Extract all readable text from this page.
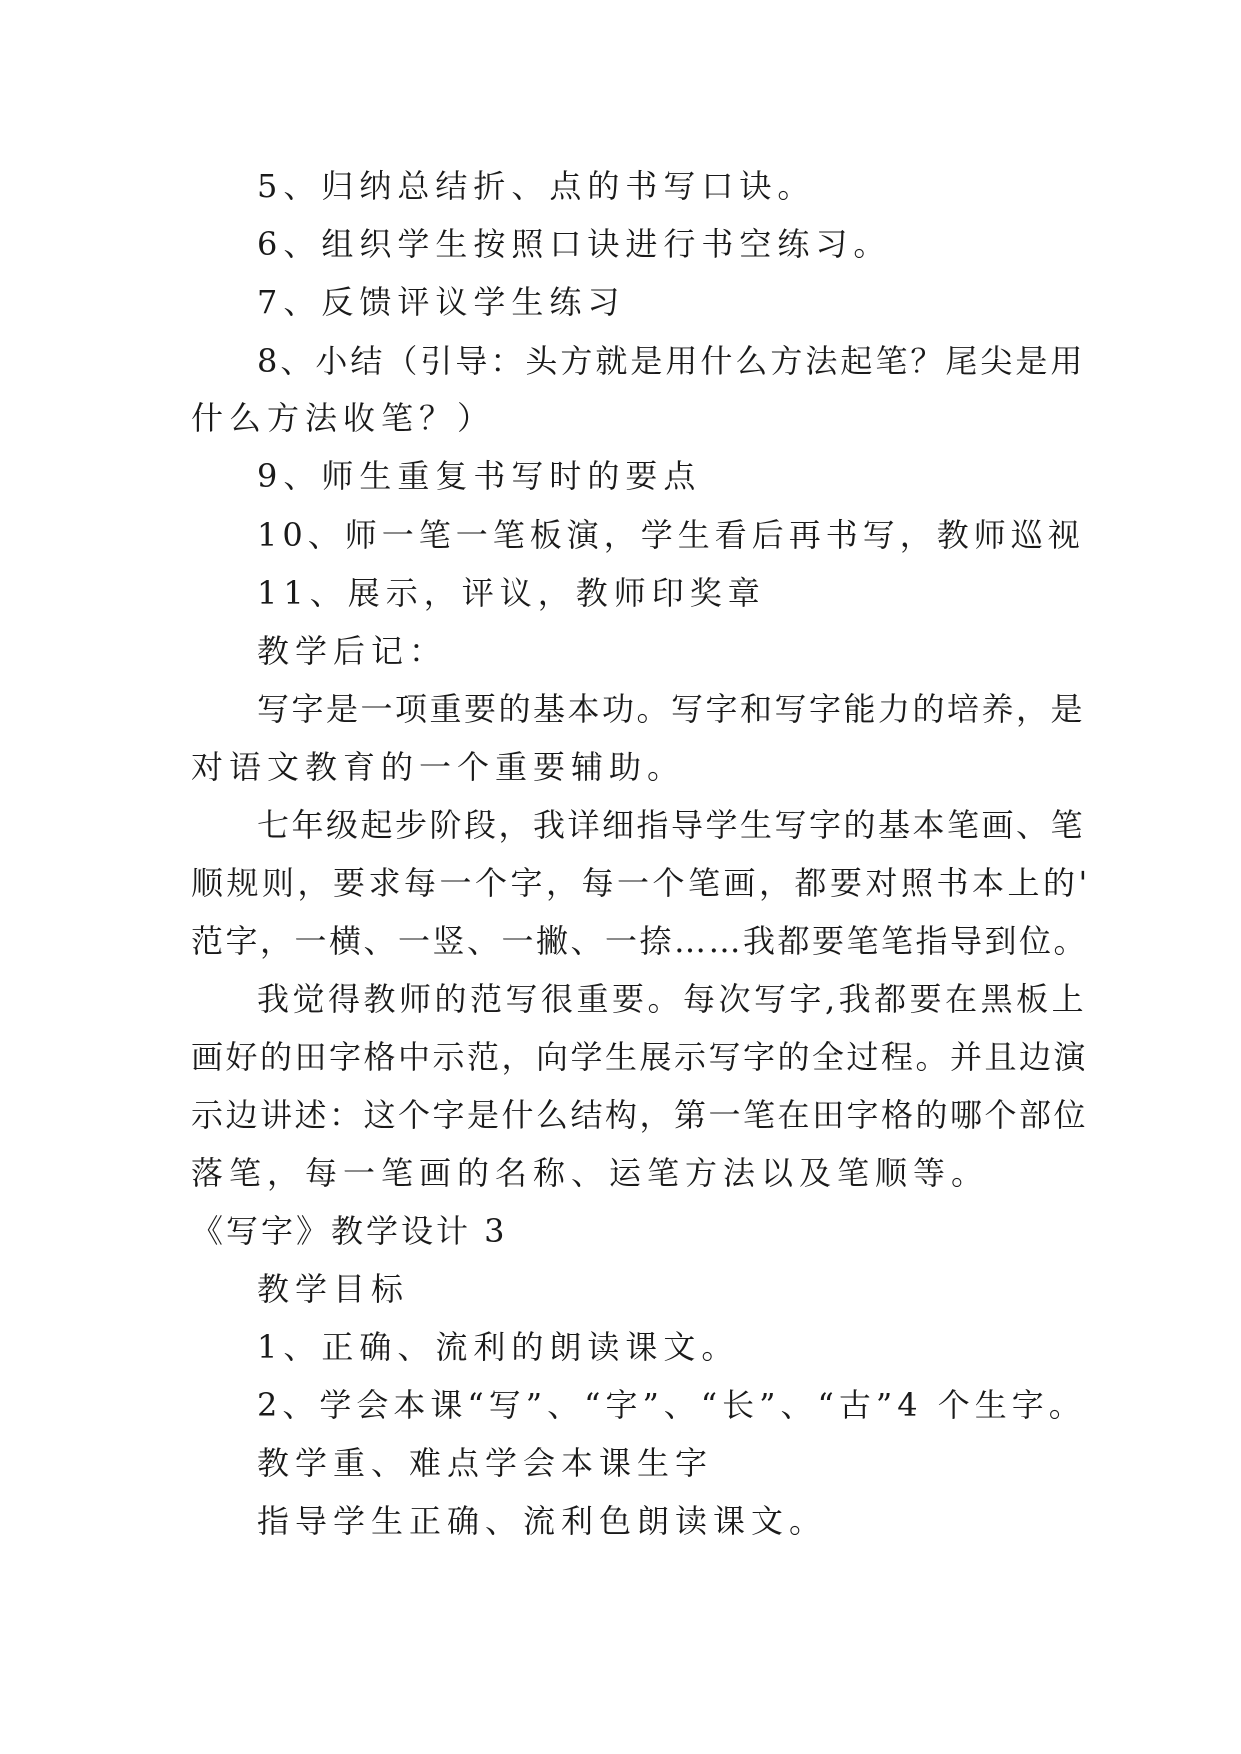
5、归纳总结折、点的书写口诀。
6、组织学生按照口诀进行书空练习。
7、反馈评议学生练习
8、小结（引导：头方就是用什么方法起笔？尾尖是用
什么方法收笔？）
9、师生重复书写时的要点
10、师一笔一笔板演，学生看后再书写，教师巡视
11、展示，评议，教师印奖章
教学后记：
写字是一项重要的基本功。写字和写字能力的培养，是
对语文教育的一个重要辅助。
七年级起步阶段，我详细指导学生写字的基本笔画、笔
顺规则，要求每一个字，每一个笔画，都要对照书本上的'
范字，一横、一竖、一撇、一捺……我都要笔笔指导到位。
我觉得教师的范写很重要。每次写字,我都要在黑板上
画好的田字格中示范，向学生展示写字的全过程。并且边演
示边讲述：这个字是什么结构，第一笔在田字格的哪个部位
落笔，每一笔画的名称、运笔方法以及笔顺等。
《写字》教学设计 3
教学目标
1、正确、流利的朗读课文。
2、学会本课“写”、“字”、“长”、“古”4 个生字。
教学重、难点学会本课生字
指导学生正确、流利色朗读课文。
